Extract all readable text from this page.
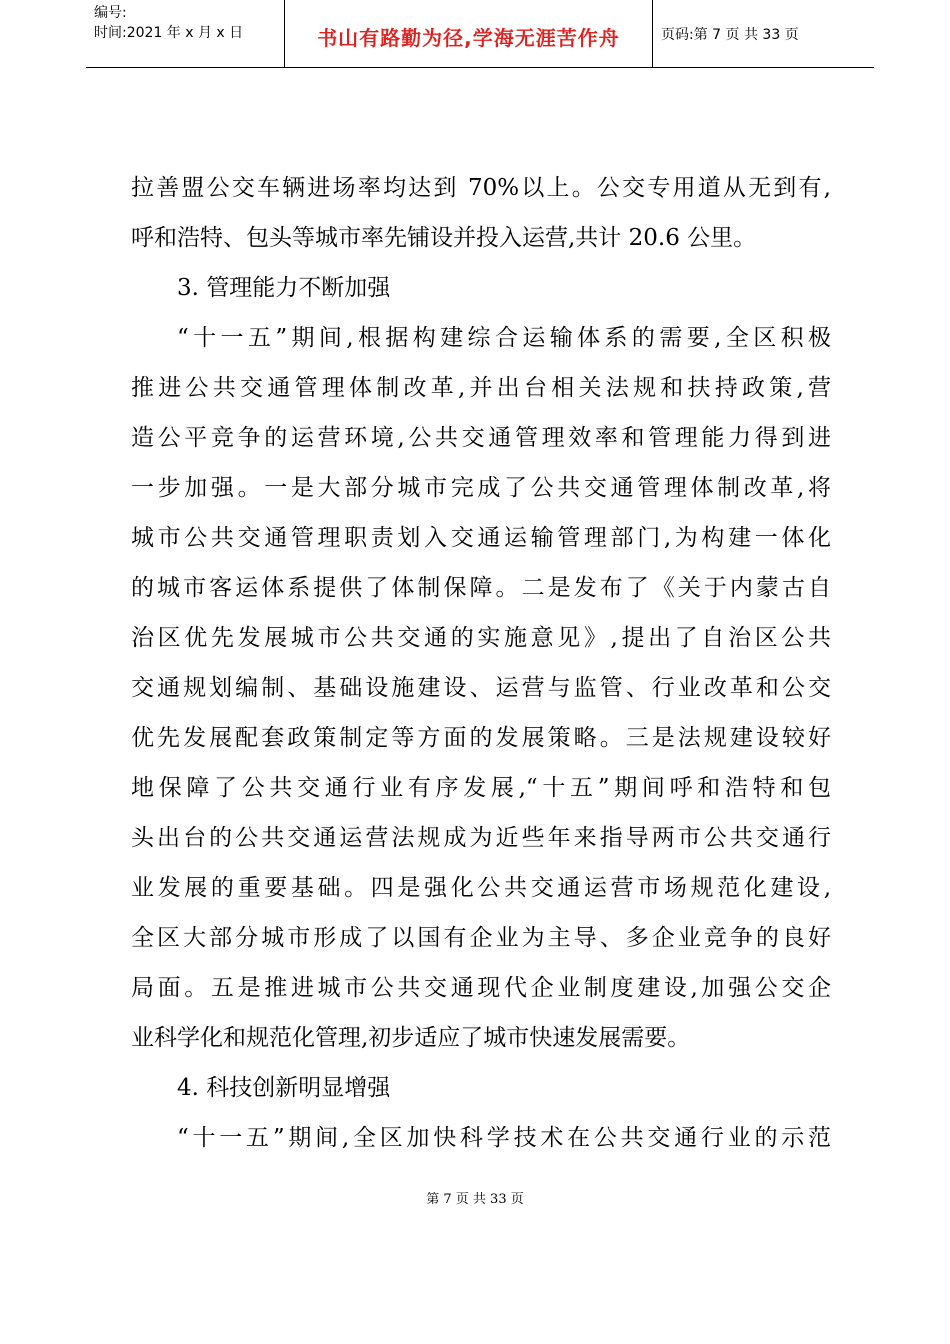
编号:
时间:2021 年 x 月 x 日	书山有路勤为径,学海无涯苦作舟	页码:第 7 页 共 33 页
拉善盟公交车辆进场率均达到 70%以上。公交专用道从无到有,
呼和浩特、包头等城市率先铺设并投入运营,共计 20.6 公里。
3. 管理能力不断加强
“十一五”期间,根据构建综合运输体系的需要,全区积极
推进公共交通管理体制改革,并出台相关法规和扶持政策,营
造公平竞争的运营环境,公共交通管理效率和管理能力得到进
一步加强。一是大部分城市完成了公共交通管理体制改革,将
城市公共交通管理职责划入交通运输管理部门,为构建一体化
的城市客运体系提供了体制保障。二是发布了《关于内蒙古自
治区优先发展城市公共交通的实施意见》,提出了自治区公共
交通规划编制、基础设施建设、运营与监管、行业改革和公交
优先发展配套政策制定等方面的发展策略。三是法规建设较好
地保障了公共交通行业有序发展,“十五”期间呼和浩特和包
头出台的公共交通运营法规成为近些年来指导两市公共交通行
业发展的重要基础。四是强化公共交通运营市场规范化建设,
全区大部分城市形成了以国有企业为主导、多企业竞争的良好
局面。五是推进城市公共交通现代企业制度建设,加强公交企
业科学化和规范化管理,初步适应了城市快速发展需要。
4. 科技创新明显增强
“十一五”期间,全区加快科学技术在公共交通行业的示范
第 7 页 共 33 页
